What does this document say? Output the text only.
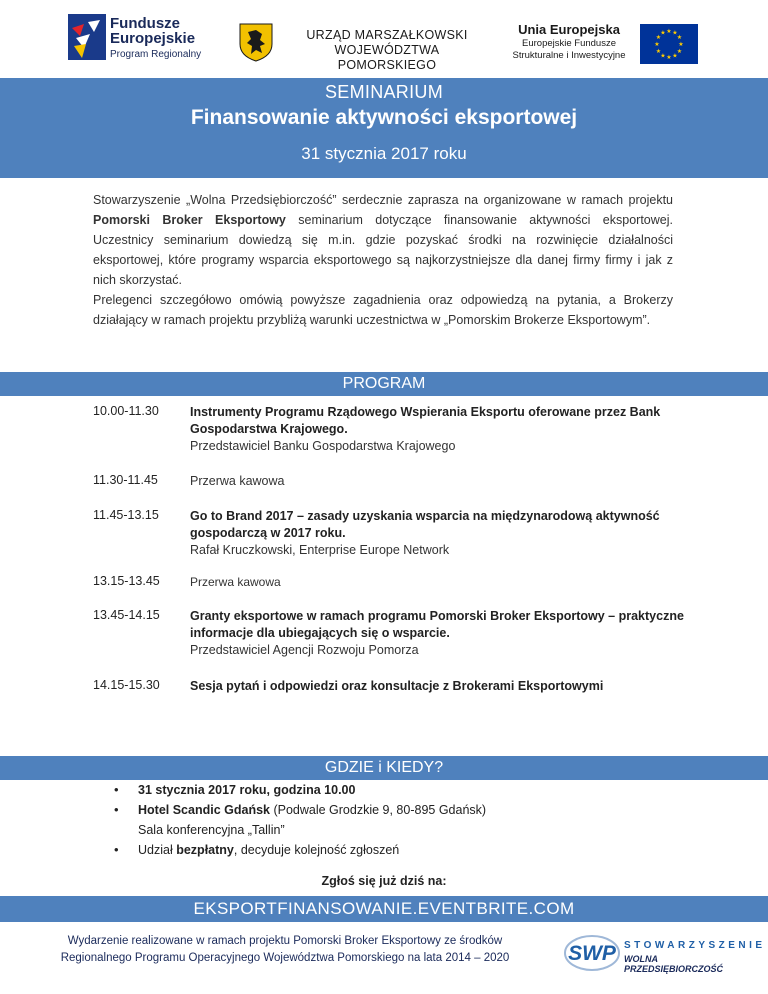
Fundusze
Europejskie
Program Regionalny
URZĄD MARSZAŁKOWSKI
WOJEWÓDZTWA POMORSKIEGO
Unia Europejska
Europejskie Fundusze
Strukturalne i Inwestycyjne
★ ★
★
★
★
★
★
★
★
★
★
★
SEMINARIUM
Finansowanie aktywności eksportowej
31 stycznia 2017 roku

Stowarzyszenie „Wolna Przedsiębiorczość” serdecznie zaprasza na organizowane w ramach projektu Pomorski Broker Eksportowy seminarium dotyczące finansowanie aktywności eksportowej. Uczestnicy seminarium dowiedzą się m.in. gdzie pozyskać środki na rozwinięcie działalności eksportowej, które programy wsparcia eksportowego są najkorzystniejsze dla danej firmy firmy i jak z nich skorzystać.

Prelegenci szczegółowo omówią powyższe zagadnienia oraz odpowiedzą na pytania, a Brokerzy działający w ramach projektu przybliżą warunki uczestnictwa w „Pomorskim Brokerze Eksportowym”.

PROGRAM
10.00-11.30 Instrumenty Programu Rządowego Wspierania Eksportu oferowane przez Bank Gospodarstwa Krajowego.
Przedstawiciel Banku Gospodarstwa Krajowego
11.30-11.45	Przerwa kawowa
11.45-13.15 Go to Brand 2017 – zasady uzyskania wsparcia na międzynarodową aktywność gospodarczą w 2017 roku.
Rafał Kruczkowski, Enterprise Europe Network
13.15-13.45	Przerwa kawowa
13.45-14.15 Granty eksportowe w ramach programu Pomorski Broker Eksportowy – praktyczne informacje dla ubiegających się o wsparcie.
Przedstawiciel Agencji Rozwoju Pomorza
14.15-15.30 Sesja pytań i odpowiedzi oraz konsultacje z Brokerami Eksportowymi
GDZIE i KIEDY?
• 31 stycznia 2017 roku, godzina 10.00
• Hotel Scandic Gdańsk (Podwale Grodzkie 9, 80-895 Gdańsk)
Sala konferencyjna „Tallin”
• Udział bezpłatny, decyduje kolejność zgłoszeń
Zgłoś się już dziś na:
EKSPORTFINANSOWANIE.EVENTBRITE.COM
Wydarzenie realizowane w ramach projektu Pomorski Broker Eksportowy ze środków
Regionalnego Programu Operacyjnego Województwa Pomorskiego na lata 2014 – 2020	SWP STOWARZYSZENIE
WOLNA PRZEDSIĘBIORCZOŚĆ
